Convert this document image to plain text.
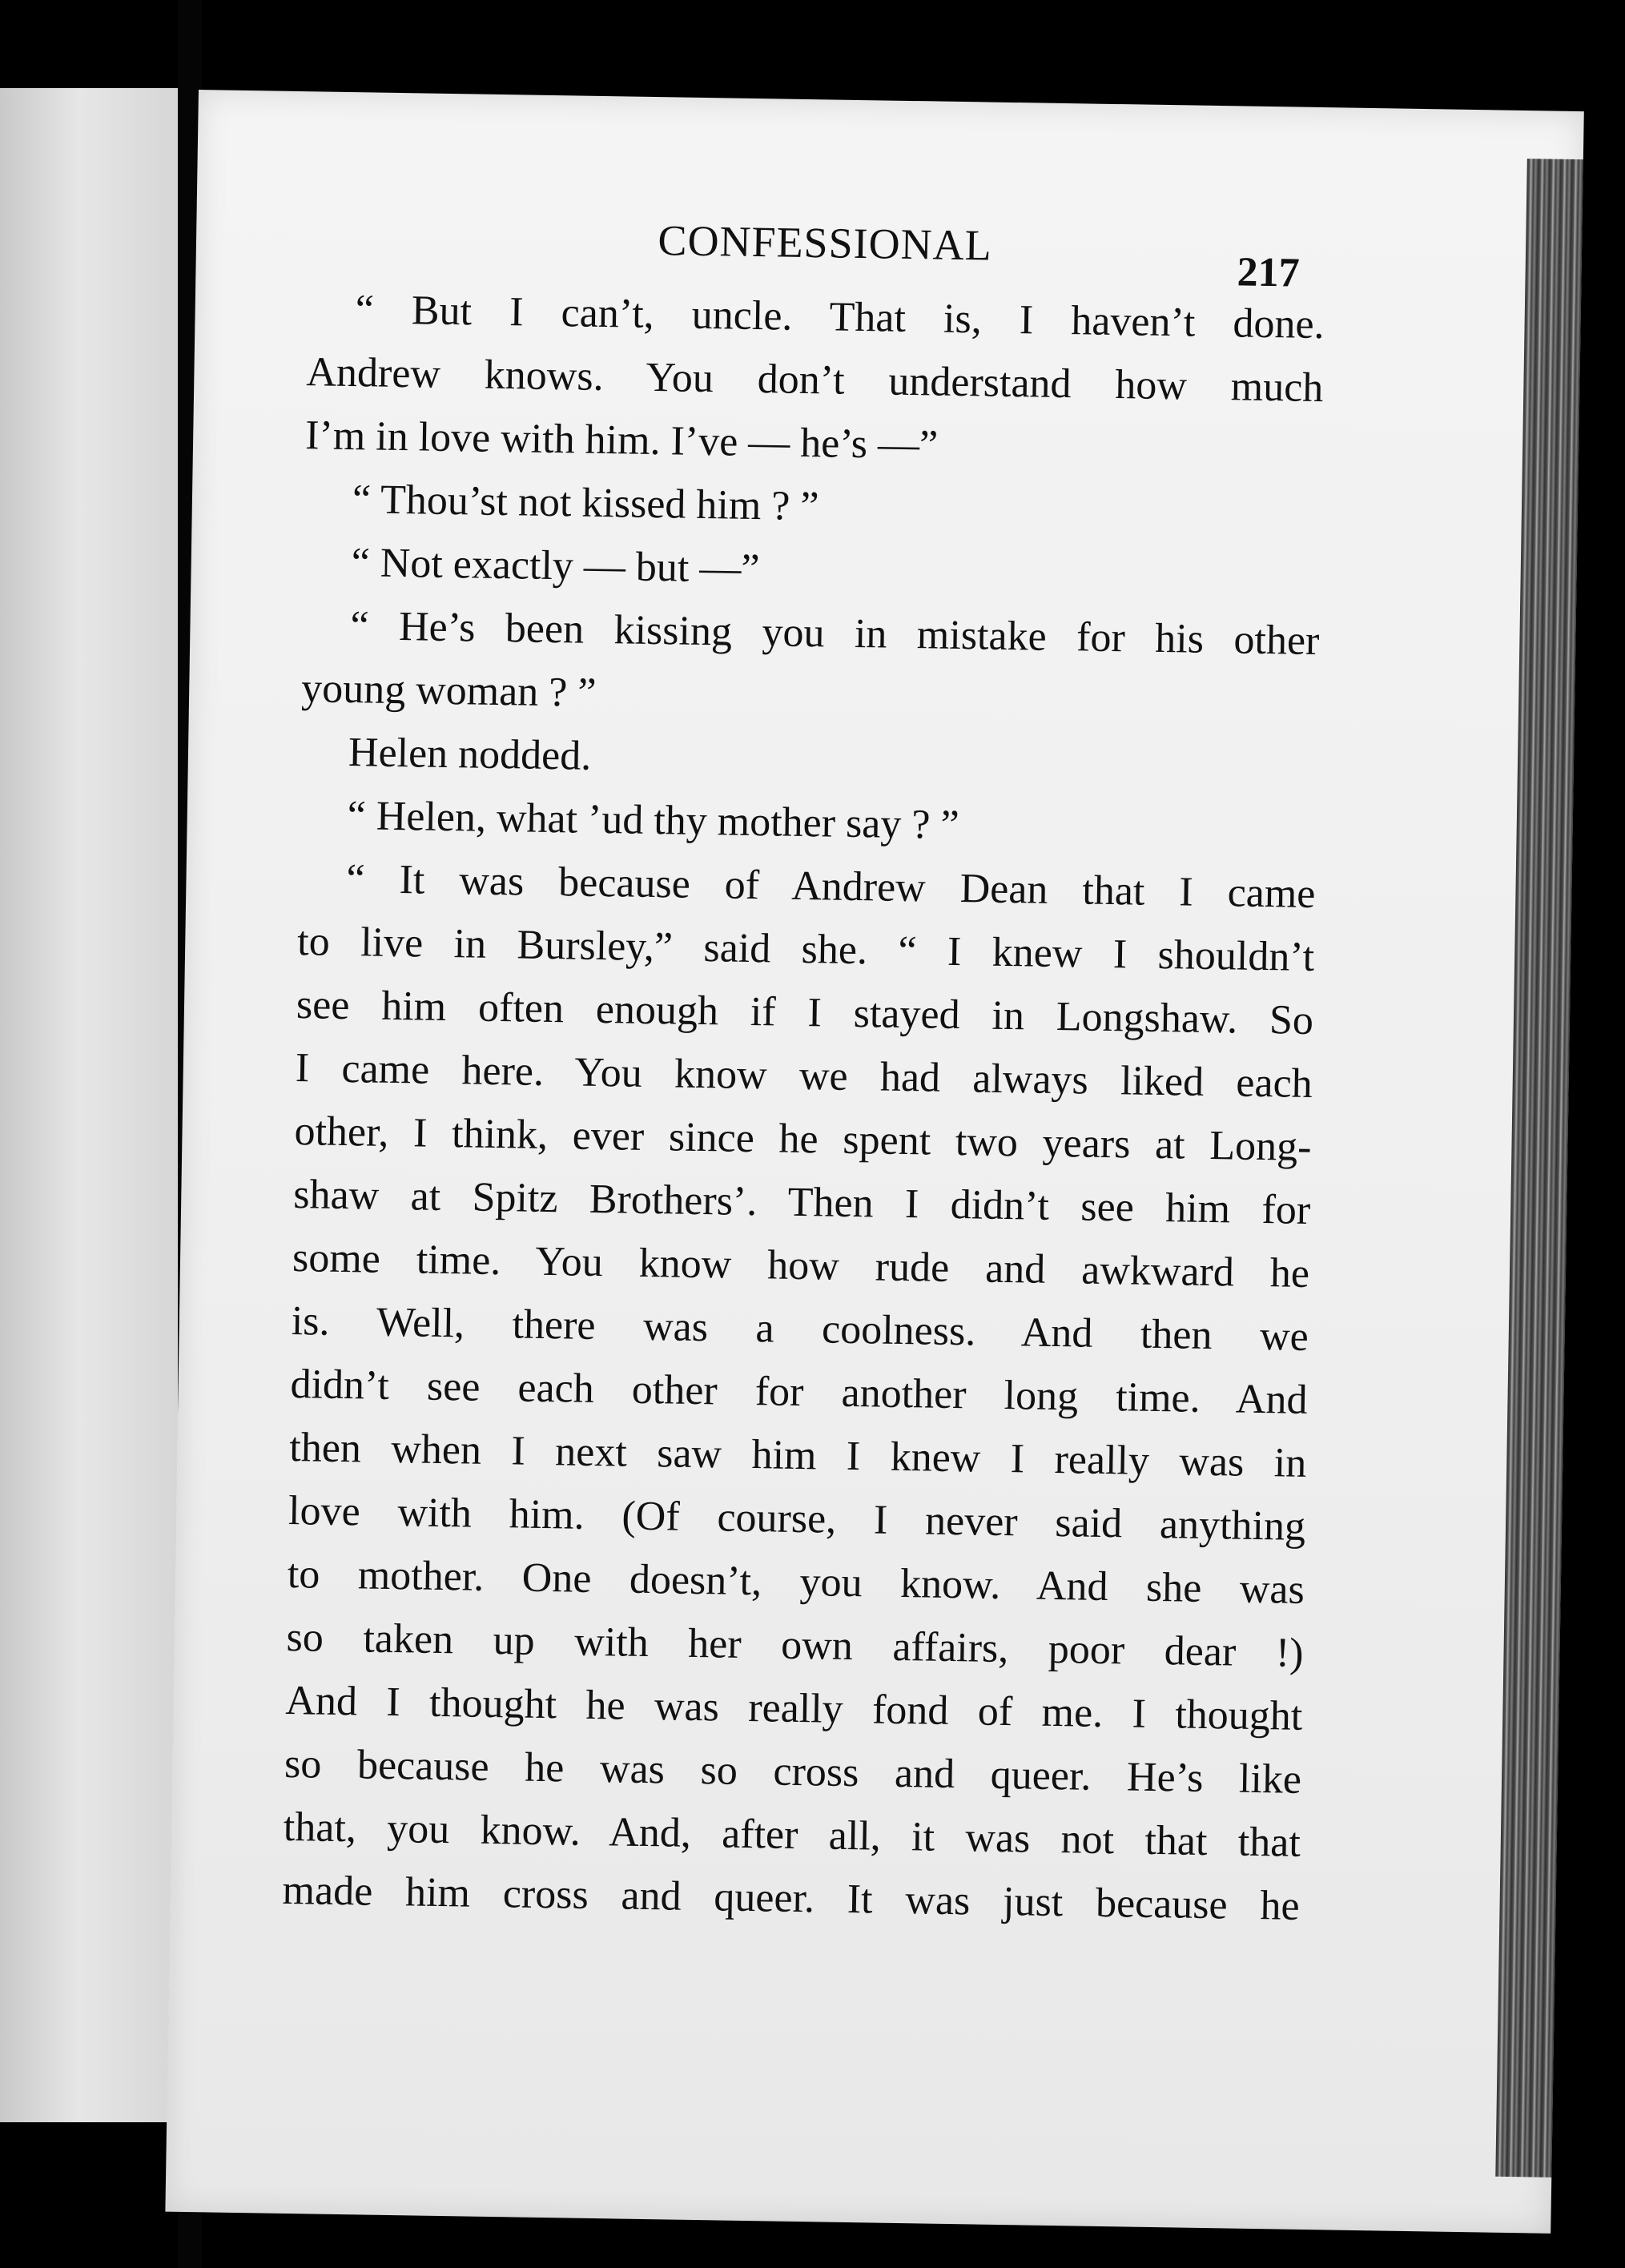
CONFESSIONAL
217
“ But I can’t, uncle. That is, I haven’t done.
Andrew knows. You don’t understand how much
I’m in love with him. I’ve — he’s —”
“ Thou’st not kissed him ? ”
“ Not exactly — but —”
“ He’s been kissing you in mistake for his other
young woman ? ”
Helen nodded.
“ Helen, what ’ud thy mother say ? ”
“ It was because of Andrew Dean that I came
to live in Bursley,” said she. “ I knew I shouldn’t
see him often enough if I stayed in Longshaw. So
I came here. You know we had always liked each
other, I think, ever since he spent two years at Long-
shaw at Spitz Brothers’. Then I didn’t see him for
some time. You know how rude and awkward he
is. Well, there was a coolness. And then we
didn’t see each other for another long time. And
then when I next saw him I knew I really was in
love with him. (Of course, I never said anything
to mother. One doesn’t, you know. And she was
so taken up with her own affairs, poor dear !)
And I thought he was really fond of me. I thought
so because he was so cross and queer. He’s like
that, you know. And, after all, it was not that that
made him cross and queer. It was just because he
